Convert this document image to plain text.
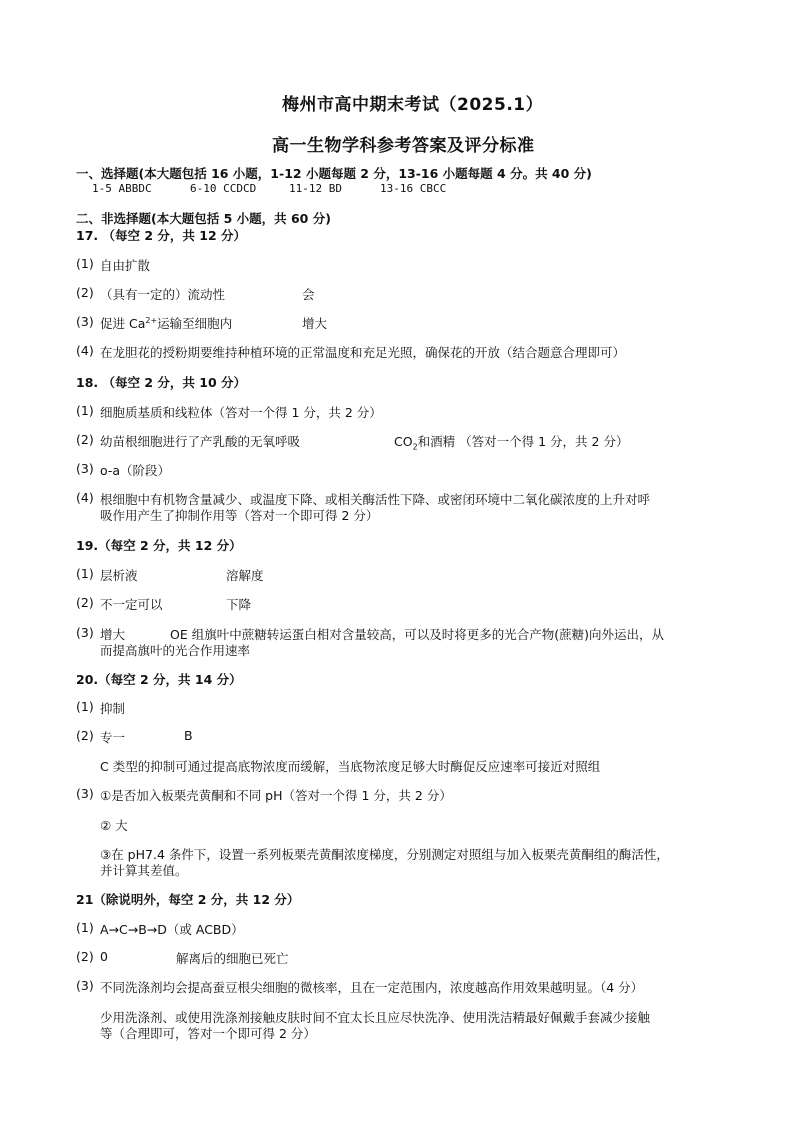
梅州市高中期末考试（2025.1）
高一生物学科参考答案及评分标准
一、选择题(本大题包括 16 小题，1-12 小题每题 2 分，13-16 小题每题 4 分。共 40 分)
1-5 ABBDC	6-10 CCDCD	11-12 BD	13-16 CBCC
二、非选择题(本大题包括 5 小题，共 60 分)
17. （每空 2 分，共 12 分）
(1) 自由扩散
(2) （具有一定的）流动性	会
(3) 促进 $Ca^{2+}$运输至细胞内	增大
(4) 在龙胆花的授粉期要维持种植环境的正常温度和充足光照，确保花的开放（结合题意合理即可）
18. （每空 2 分，共 10 分）
(1) 细胞质基质和线粒体（答对一个得 1 分，共 2 分）
(2) 幼苗根细胞进行了产乳酸的无氧呼吸	$CO_2$和酒精 （答对一个得 1 分，共 2 分）
(3) o-a（阶段）
(4) 根细胞中有机物含量减少、或温度下降、或相关酶活性下降、或密闭环境中二氧化碳浓度的上升对呼
吸作用产生了抑制作用等（答对一个即可得 2 分）
19.（每空 2 分，共 12 分）
(1) 层析液	溶解度
(2) 不一定可以	下降
(3) 增大	OE 组旗叶中蔗糖转运蛋白相对含量较高，可以及时将更多的光合产物(蔗糖)向外运出，从
而提高旗叶的光合作用速率
20.（每空 2 分，共 14 分）
(1) 抑制
(2) 专一	B
C 类型的抑制可通过提高底物浓度而缓解，当底物浓度足够大时酶促反应速率可接近对照组
(3) ①是否加入板栗壳黄酮和不同 pH（答对一个得 1 分，共 2 分）
② 大
③在 pH7.4 条件下，设置一系列板栗壳黄酮浓度梯度，分别测定对照组与加入板栗壳黄酮组的酶活性，
并计算其差值。
21（除说明外，每空 2 分，共 12 分）
(1) A→C→B→D（或 ACBD）
(2) 0	解离后的细胞已死亡
(3) 不同洗涤剂均会提高蚕豆根尖细胞的微核率，且在一定范围内，浓度越高作用效果越明显。（4 分）
少用洗涤剂、或使用洗涤剂接触皮肤时间不宜太长且应尽快洗净、使用洗洁精最好佩戴手套减少接触
等（合理即可，答对一个即可得 2 分）
